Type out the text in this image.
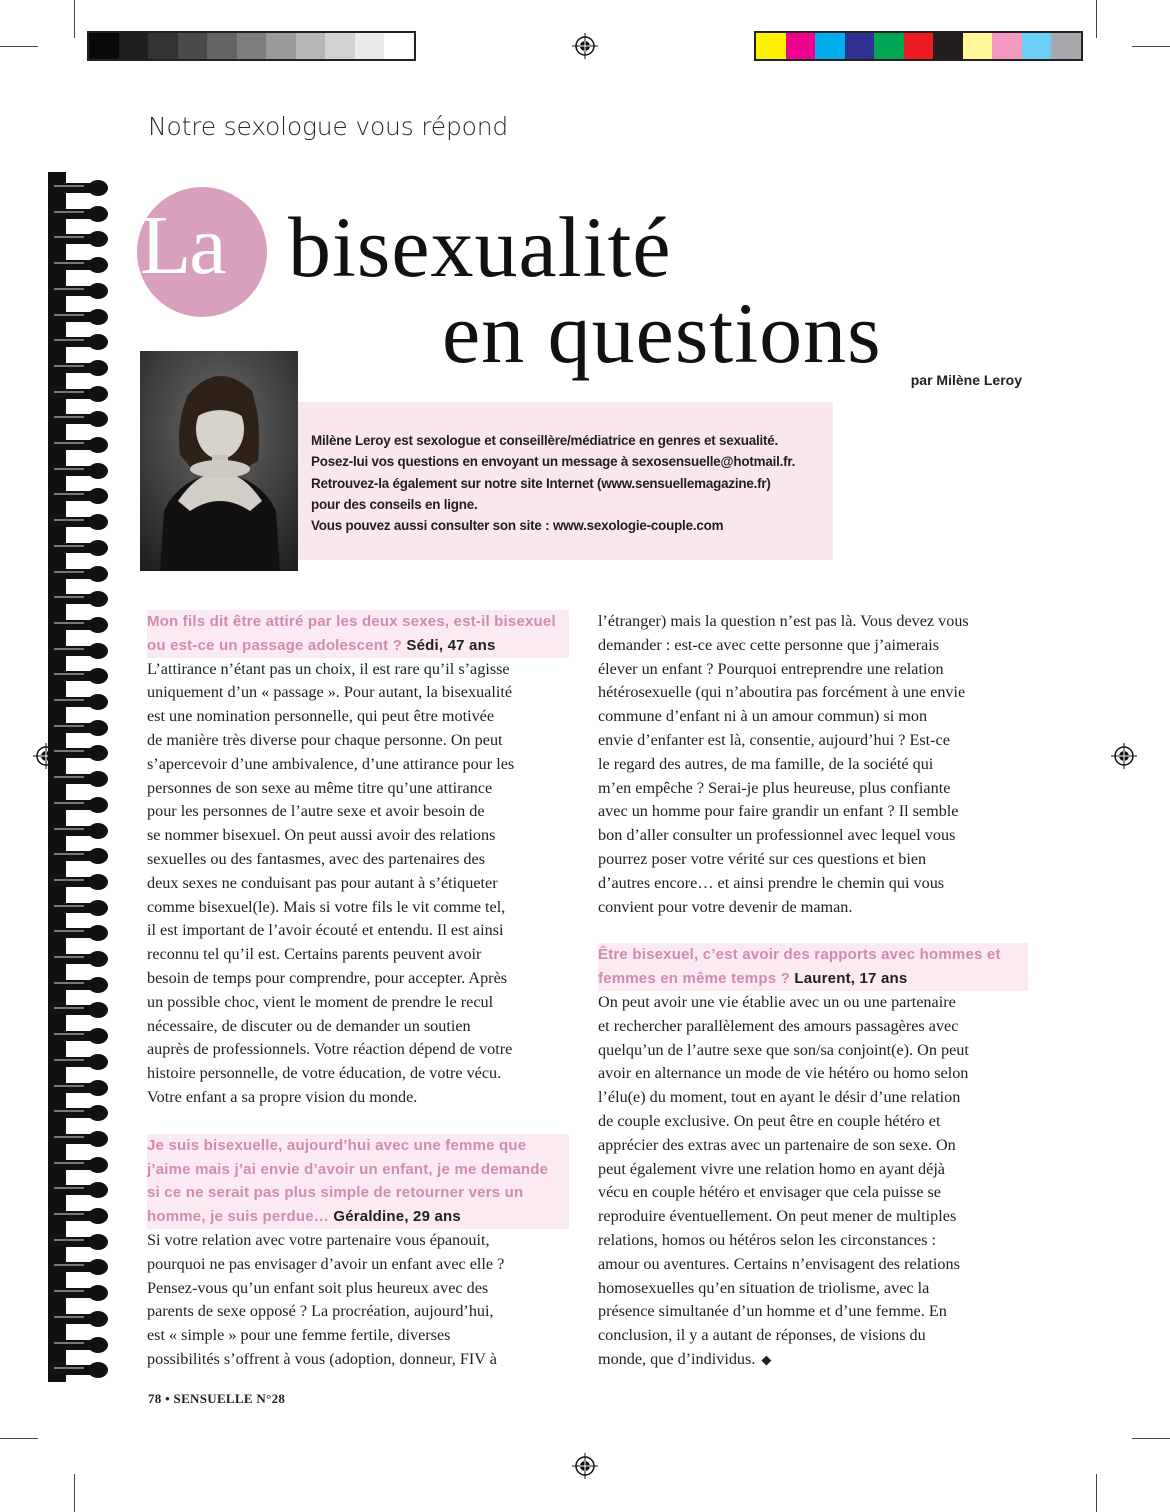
Notre sexologue vous répond
La bisexualité
en questions par Milène Leroy
Milène Leroy est sexologue et conseillère/médiatrice en genres et sexualité.
Posez-lui vos questions en envoyant un message à sexosensuelle@hotmail.fr.
Retrouvez-la également sur notre site Internet (www.sensuellemagazine.fr)
pour des conseils en ligne.
Vous pouvez aussi consulter son site : www.sexologie-couple.com
Mon fils dit être attiré par les deux sexes, est-il bisexuel
ou est-ce un passage adolescent ? Sédi, 47 ans
L’attirance n’étant pas un choix, il est rare qu’il s’agisse
uniquement d’un « passage ». Pour autant, la bisexualité
est une nomination personnelle, qui peut être motivée
de manière très diverse pour chaque personne. On peut
s’apercevoir d’une ambivalence, d’une attirance pour les
personnes de son sexe au même titre qu’une attirance
pour les personnes de l’autre sexe et avoir besoin de
se nommer bisexuel. On peut aussi avoir des relations
sexuelles ou des fantasmes, avec des partenaires des
deux sexes ne conduisant pas pour autant à s’étiqueter
comme bisexuel(le). Mais si votre fils le vit comme tel,
il est important de l’avoir écouté et entendu. Il est ainsi
reconnu tel qu’il est. Certains parents peuvent avoir
besoin de temps pour comprendre, pour accepter. Après
un possible choc, vient le moment de prendre le recul
nécessaire, de discuter ou de demander un soutien
auprès de professionnels. Votre réaction dépend de votre
histoire personnelle, de votre éducation, de votre vécu.
Votre enfant a sa propre vision du monde.
Je suis bisexuelle, aujourd’hui avec une femme que
j’aime mais j’ai envie d’avoir un enfant, je me demande
si ce ne serait pas plus simple de retourner vers un
homme, je suis perdue… Géraldine, 29 ans
Si votre relation avec votre partenaire vous épanouit,
pourquoi ne pas envisager d’avoir un enfant avec elle ?
Pensez-vous qu’un enfant soit plus heureux avec des
parents de sexe opposé ? La procréation, aujourd’hui,
est « simple » pour une femme fertile, diverses
possibilités s’offrent à vous (adoption, donneur, FIV à
l’étranger) mais la question n’est pas là. Vous devez vous
demander : est-ce avec cette personne que j’aimerais
élever un enfant ? Pourquoi entreprendre une relation
hétérosexuelle (qui n’aboutira pas forcément à une envie
commune d’enfant ni à un amour commun) si mon
envie d’enfanter est là, consentie, aujourd’hui ? Est-ce
le regard des autres, de ma famille, de la société qui
m’en empêche ? Serai-je plus heureuse, plus confiante
avec un homme pour faire grandir un enfant ? Il semble
bon d’aller consulter un professionnel avec lequel vous
pourrez poser votre vérité sur ces questions et bien
d’autres encore… et ainsi prendre le chemin qui vous
convient pour votre devenir de maman.
Être bisexuel, c’est avoir des rapports avec hommes et
femmes en même temps ? Laurent, 17 ans
On peut avoir une vie établie avec un ou une partenaire
et rechercher parallèlement des amours passagères avec
quelqu’un de l’autre sexe que son/sa conjoint(e). On peut
avoir en alternance un mode de vie hétéro ou homo selon
l’élu(e) du moment, tout en ayant le désir d’une relation
de couple exclusive. On peut être en couple hétéro et
apprécier des extras avec un partenaire de son sexe. On
peut également vivre une relation homo en ayant déjà
vécu en couple hétéro et envisager que cela puisse se
reproduire éventuellement. On peut mener de multiples
relations, homos ou hétéros selon les circonstances :
amour ou aventures. Certains n’envisagent des relations
homosexuelles qu’en situation de triolisme, avec la
présence simultanée d’un homme et d’une femme. En
conclusion, il y a autant de réponses, de visions du
monde, que d’individus. ◆
78 • SENSUELLE N°28
